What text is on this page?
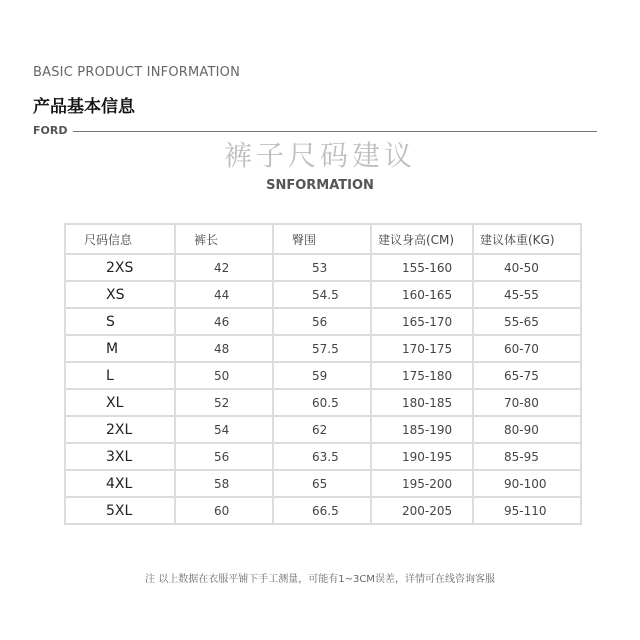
BASIC PRODUCT INFORMATION
产品基本信息
FORD
裤子尺码建议
SNFORMATION
尺码信息	裤长	臀围	建议身高(CM)	建议体重(KG)
2XS	42	53	155-160	40-50
XS	44	54.5	160-165	45-55
S	46	56	165-170	55-65
M	48	57.5	170-175	60-70
L	50	59	175-180	65-75
XL	52	60.5	180-185	70-80
2XL	54	62	185-190	80-90
3XL	56	63.5	190-195	85-95
4XL	58	65	195-200	90-100
5XL	60	66.5	200-205	95-110
注 以上数据在衣服平铺下手工测量，可能有1~3CM误差，详情可在线咨询客服
